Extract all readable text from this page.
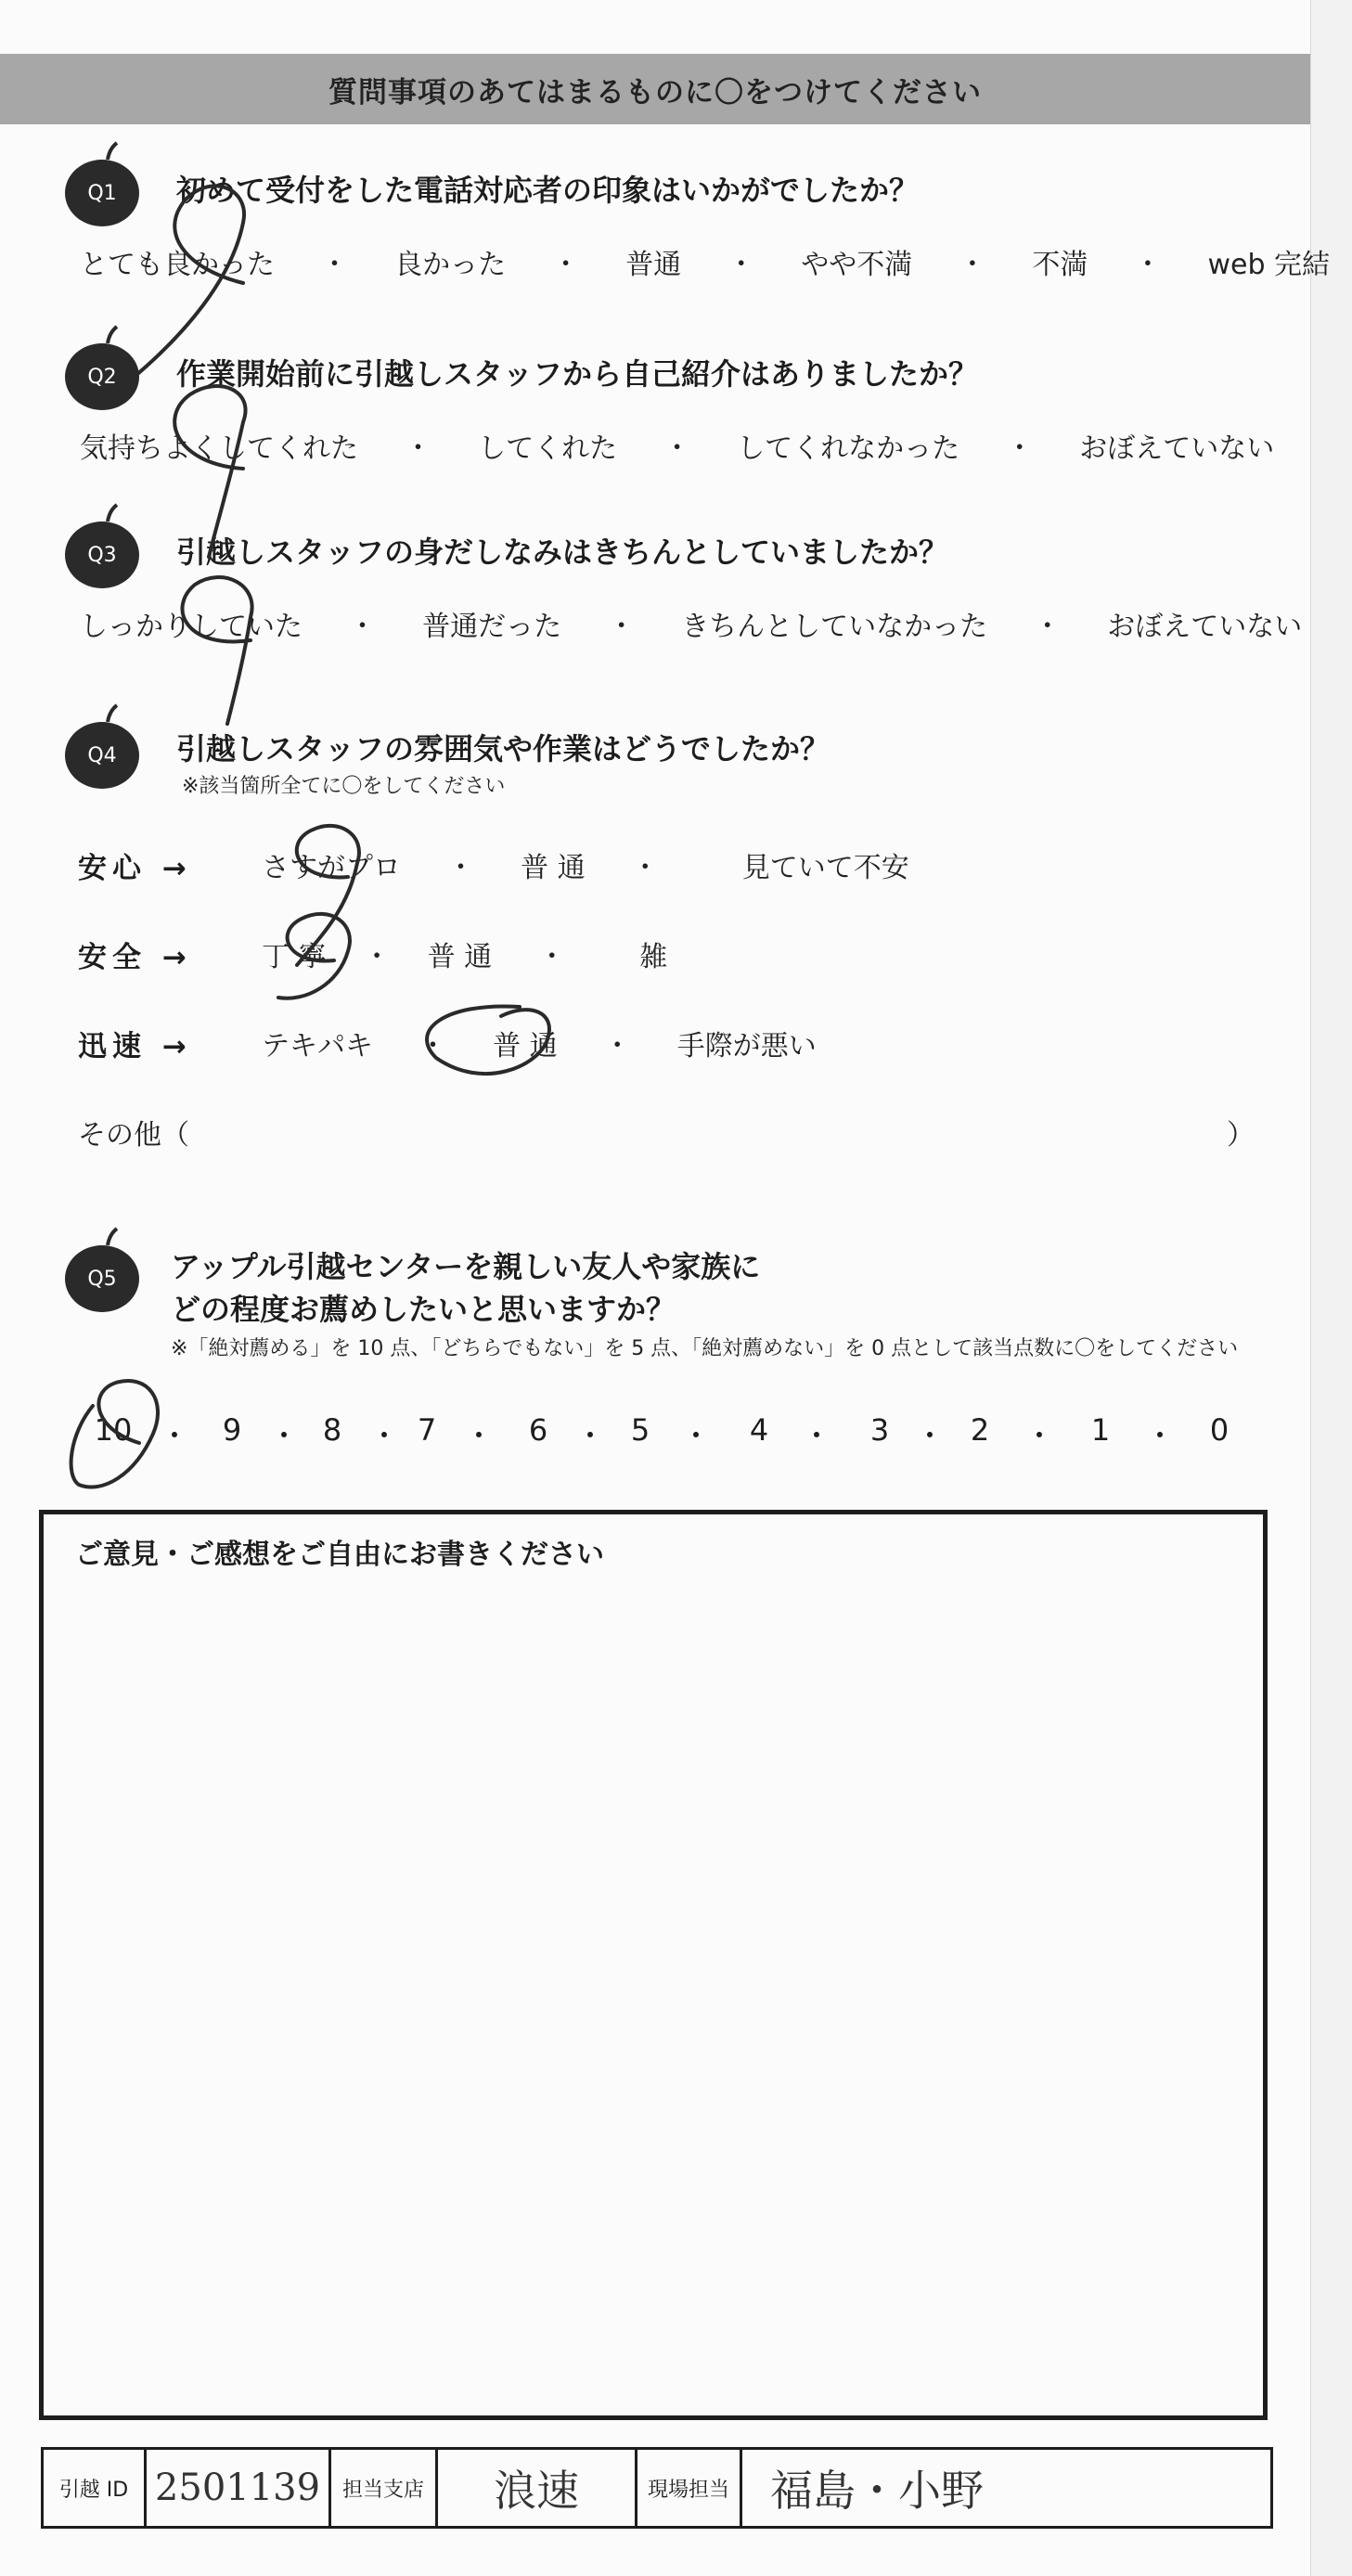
質問事項のあてはまるものに〇をつけてください
Q1 初めて受付をした電話対応者の印象はいかがでしたか？
とても良かった ・ 良かった ・ 普通 ・ やや不満 ・ 不満 ・ web 完結
Q2 作業開始前に引越しスタッフから自己紹介はありましたか？
気持ちよくしてくれた ・ してくれた ・ してくれなかった ・ おぼえていない
Q3 引越しスタッフの身だしなみはきちんとしていましたか？
しっかりしていた ・ 普通だった ・ きちんとしていなかった ・ おぼえていない
Q4 引越しスタッフの雰囲気や作業はどうでしたか？
※該当箇所全てに〇をしてください
安心 →	さすがプロ ・ 普 通 ・	見ていて不安
安全 →	丁 寧 ・ 普 通 ・	雑
迅速 →	テキパキ ・ 普 通 ・ 手際が悪い
その他（	）
Q5 アップル引越センターを親しい友人や家族に
どの程度お薦めしたいと思いますか？
※「絶対薦める」を 10 点、「どちらでもない」を 5 点、「絶対薦めない」を 0 点として該当点数に〇をしてください
10 ・ 9 ・ 8 ・ 7 ・ 6 ・ 5 ・ 4 ・ 3 ・ 2 ・ 1 ・ 0
ご意見・ご感想をご自由にお書きください
引越 ID 2501139	担当支店	浪速	現場担当 福島・小野
